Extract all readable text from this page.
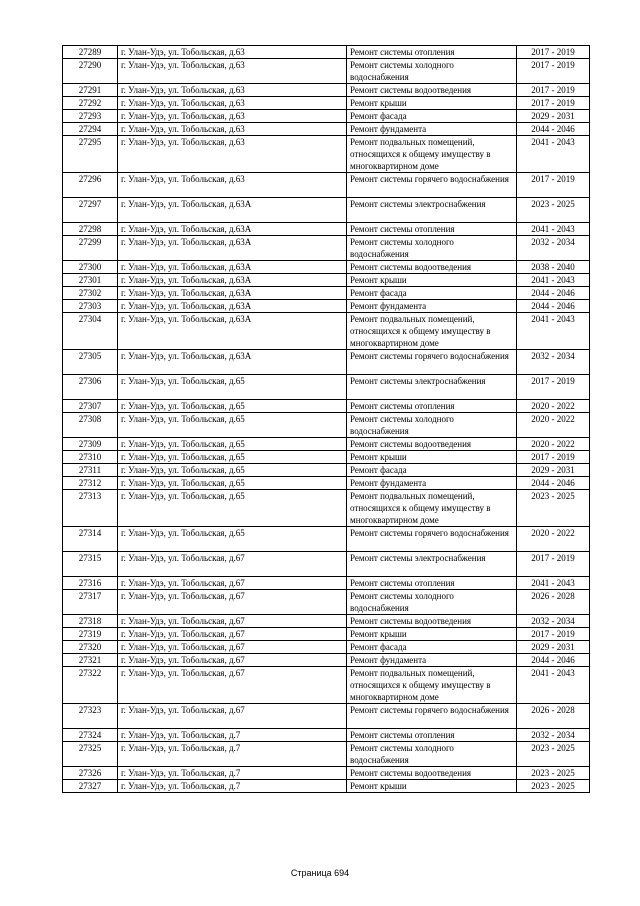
27289	г. Улан-Удэ, ул. Тобольская, д.63	Ремонт системы отопления	2017 - 2019
27290	г. Улан-Удэ, ул. Тобольская, д.63	Ремонт системы холодного водоснабжения	2017 - 2019
27291	г. Улан-Удэ, ул. Тобольская, д.63	Ремонт системы водоотведения	2017 - 2019
27292	г. Улан-Удэ, ул. Тобольская, д.63	Ремонт крыши	2017 - 2019
27293	г. Улан-Удэ, ул. Тобольская, д.63	Ремонт фасада	2029 - 2031
27294	г. Улан-Удэ, ул. Тобольская, д.63	Ремонт фундамента	2044 - 2046
27295	г. Улан-Удэ, ул. Тобольская, д.63	Ремонт подвальных помещений, относящихся к общему имуществу в многоквартирном доме	2041 - 2043
27296	г. Улан-Удэ, ул. Тобольская, д.63	Ремонт системы горячего водоснабжения	2017 - 2019
27297	г. Улан-Удэ, ул. Тобольская, д.63А	Ремонт системы электроснабжения	2023 - 2025
27298	г. Улан-Удэ, ул. Тобольская, д.63А	Ремонт системы отопления	2041 - 2043
27299	г. Улан-Удэ, ул. Тобольская, д.63А	Ремонт системы холодного водоснабжения	2032 - 2034
27300	г. Улан-Удэ, ул. Тобольская, д.63А	Ремонт системы водоотведения	2038 - 2040
27301	г. Улан-Удэ, ул. Тобольская, д.63А	Ремонт крыши	2041 - 2043
27302	г. Улан-Удэ, ул. Тобольская, д.63А	Ремонт фасада	2044 - 2046
27303	г. Улан-Удэ, ул. Тобольская, д.63А	Ремонт фундамента	2044 - 2046
27304	г. Улан-Удэ, ул. Тобольская, д.63А	Ремонт подвальных помещений, относящихся к общему имуществу в многоквартирном доме	2041 - 2043
27305	г. Улан-Удэ, ул. Тобольская, д.63А	Ремонт системы горячего водоснабжения	2032 - 2034
27306	г. Улан-Удэ, ул. Тобольская, д.65	Ремонт системы электроснабжения	2017 - 2019
27307	г. Улан-Удэ, ул. Тобольская, д.65	Ремонт системы отопления	2020 - 2022
27308	г. Улан-Удэ, ул. Тобольская, д.65	Ремонт системы холодного водоснабжения	2020 - 2022
27309	г. Улан-Удэ, ул. Тобольская, д.65	Ремонт системы водоотведения	2020 - 2022
27310	г. Улан-Удэ, ул. Тобольская, д.65	Ремонт крыши	2017 - 2019
27311	г. Улан-Удэ, ул. Тобольская, д.65	Ремонт фасада	2029 - 2031
27312	г. Улан-Удэ, ул. Тобольская, д.65	Ремонт фундамента	2044 - 2046
27313	г. Улан-Удэ, ул. Тобольская, д.65	Ремонт подвальных помещений, относящихся к общему имуществу в многоквартирном доме	2023 - 2025
27314	г. Улан-Удэ, ул. Тобольская, д.65	Ремонт системы горячего водоснабжения	2020 - 2022
27315	г. Улан-Удэ, ул. Тобольская, д.67	Ремонт системы электроснабжения	2017 - 2019
27316	г. Улан-Удэ, ул. Тобольская, д.67	Ремонт системы отопления	2041 - 2043
27317	г. Улан-Удэ, ул. Тобольская, д.67	Ремонт системы холодного водоснабжения	2026 - 2028
27318	г. Улан-Удэ, ул. Тобольская, д.67	Ремонт системы водоотведения	2032 - 2034
27319	г. Улан-Удэ, ул. Тобольская, д.67	Ремонт крыши	2017 - 2019
27320	г. Улан-Удэ, ул. Тобольская, д.67	Ремонт фасада	2029 - 2031
27321	г. Улан-Удэ, ул. Тобольская, д.67	Ремонт фундамента	2044 - 2046
27322	г. Улан-Удэ, ул. Тобольская, д.67	Ремонт подвальных помещений, относящихся к общему имуществу в многоквартирном доме	2041 - 2043
27323	г. Улан-Удэ, ул. Тобольская, д.67	Ремонт системы горячего водоснабжения	2026 - 2028
27324	г. Улан-Удэ, ул. Тобольская, д.7	Ремонт системы отопления	2032 - 2034
27325	г. Улан-Удэ, ул. Тобольская, д.7	Ремонт системы холодного водоснабжения	2023 - 2025
27326	г. Улан-Удэ, ул. Тобольская, д.7	Ремонт системы водоотведения	2023 - 2025
27327	г. Улан-Удэ, ул. Тобольская, д.7	Ремонт крыши	2023 - 2025
Страница 694
